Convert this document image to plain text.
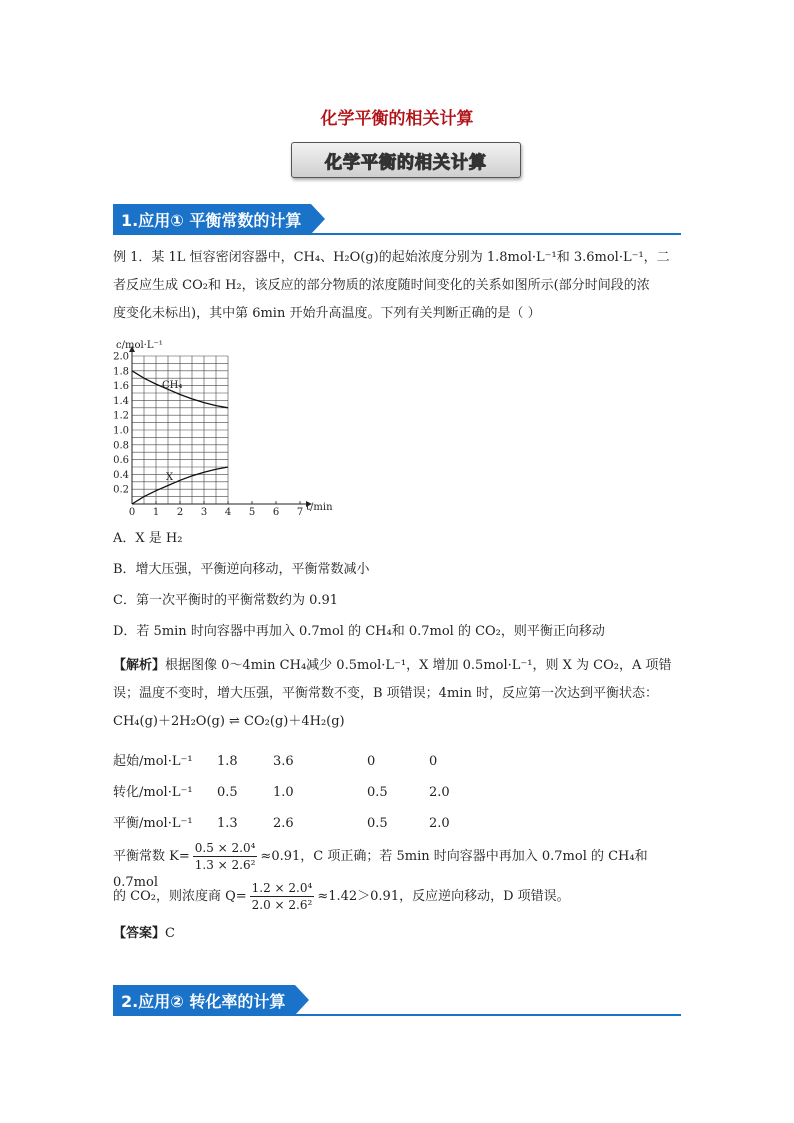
化学平衡的相关计算
化学平衡的相关计算
1.应用① 平衡常数的计算
例 1．某 1L 恒容密闭容器中，CH₄、H₂O(g)的起始浓度分别为 1.8mol·L⁻¹和 3.6mol·L⁻¹，二
者反应生成 CO₂和 H₂，该反应的部分物质的浓度随时间变化的关系如图所示(部分时间段的浓
度变化未标出)，其中第 6min 开始升高温度。下列有关判断正确的是（ ）
0 1 2 3 4 5 6 7
0.2
0.4
0.6
0.8
1.0
1.2
1.4
1.6
1.8
2.0
c/mol·L⁻¹
t/min
CH₄
X
A．X 是 H₂
B．增大压强，平衡逆向移动，平衡常数减小
C．第一次平衡时的平衡常数约为 0.91
D．若 5min 时向容器中再加入 0.7mol 的 CH₄和 0.7mol 的 CO₂，则平衡正向移动
【解析】根据图像 0～4min CH₄减少 0.5mol·L⁻¹，X 增加 0.5mol·L⁻¹，则 X 为 CO₂，A 项错
误；温度不变时，增大压强，平衡常数不变，B 项错误；4min 时，反应第一次达到平衡状态：
CH₄(g)＋2H₂O(g) ⇌ CO₂(g)＋4H₂(g)
起始/mol·L⁻¹ 1.8	3.6	0	0
转化/mol·L⁻¹ 0.5	1.0	0.5	2.0
平衡/mol·L⁻¹ 1.3	2.6	0.5	2.0
平衡常数 $K= \frac{\text{0.5 × 2.0⁴}}{\text{1.3 × 2.6²}} \approx 0.91$，C 项正确；若 5min 时向容器中再加入 0.7mol 的 CH₄和 0.7mol
的 CO₂，则浓度商 $Q= \frac{\text{1.2 × 2.0⁴}}{\text{2.0 × 2.6²}} \approx 1.42>0.91$，反应逆向移动，D 项错误。
【答案】C
2.应用② 转化率的计算
